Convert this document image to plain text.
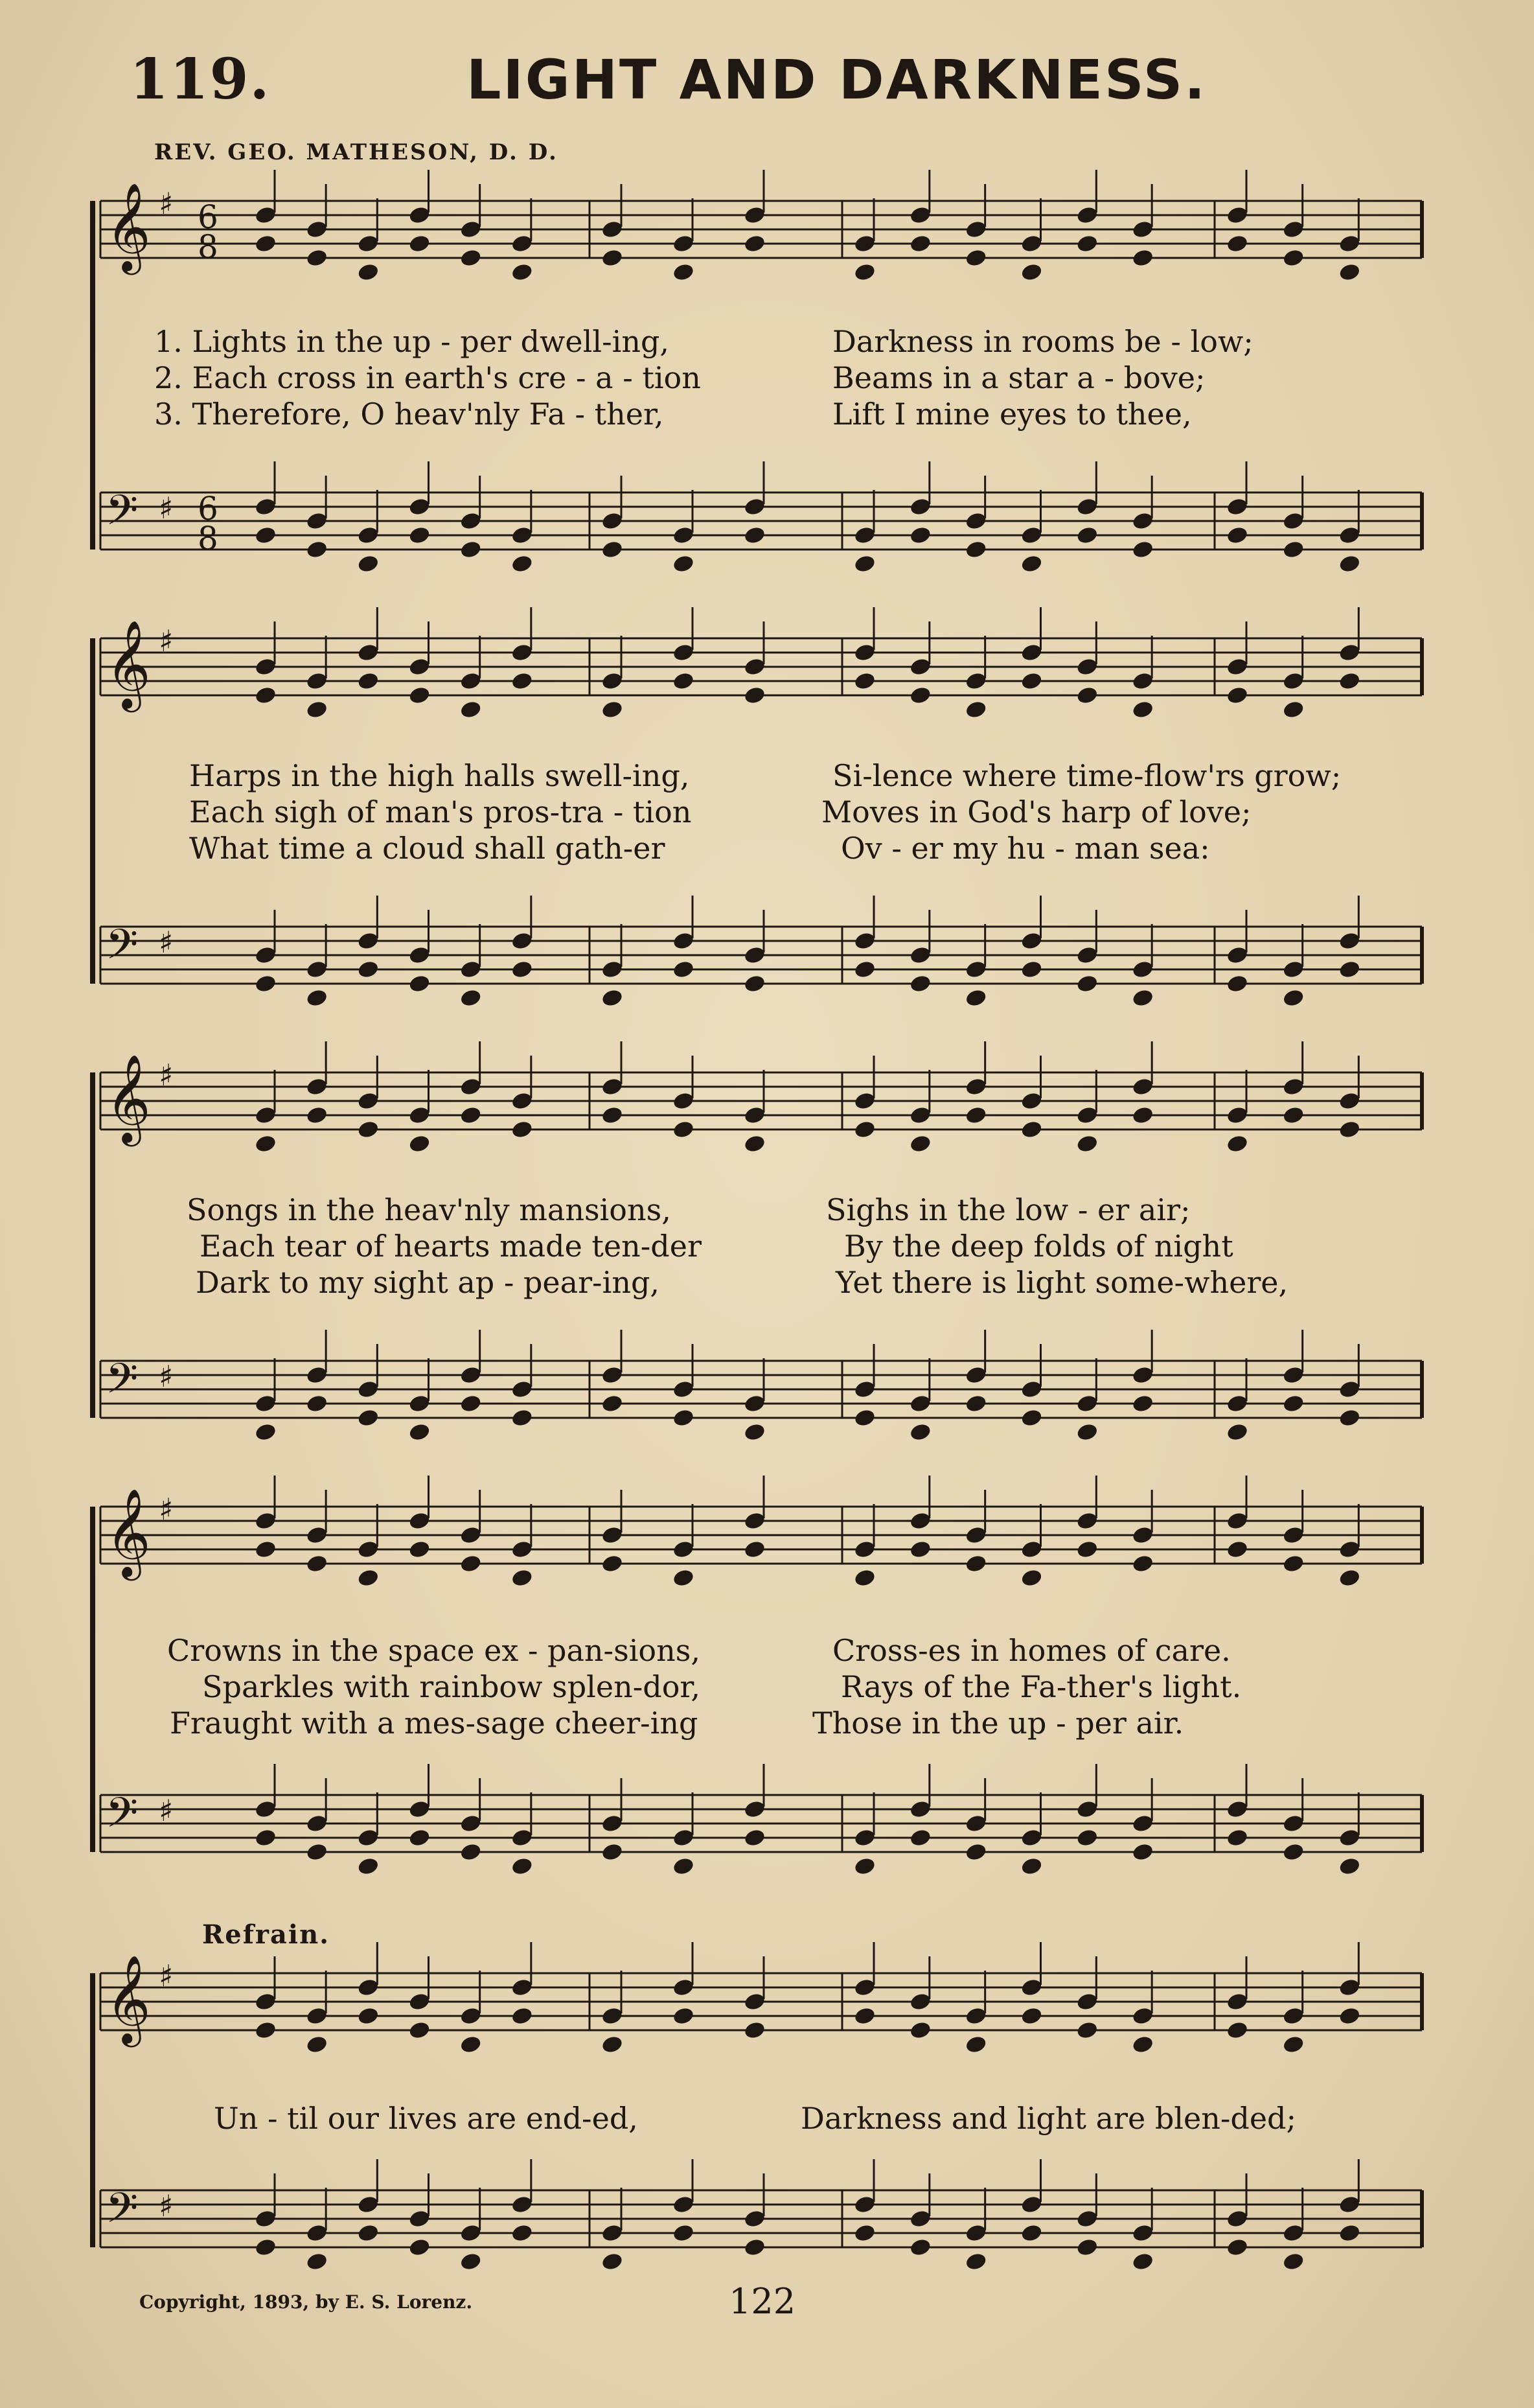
119.	LIGHT AND DARKNESS.
REV. GEO. MATHESON, D. D.
𝄞 ♯ 6
8
𝄢 ♯ 6
8
𝄞 ♯
𝄢 ♯
𝄞 ♯
𝄢 ♯
𝄞 ♯
𝄢 ♯
𝄞 ♯
𝄢 ♯
1. Lights in the up - per dwell-ing,
2. Each cross in earth's cre - a - tion
3. Therefore, O heav'nly Fa - ther,
Darkness in rooms be - low;
Beams in a star a - bove;
Lift I mine eyes to thee,
Harps in the high halls swell-ing,
Each sigh of man's pros-tra - tion
What time a cloud shall gath-er
Si-lence where time-flow'rs grow;
Moves in God's harp of love;
Ov - er my hu - man sea:
Songs in the heav'nly mansions,
Each tear of hearts made ten-der
Dark to my sight ap - pear-ing,
Sighs in the low - er air;
By the deep folds of night
Yet there is light some-where,
Crowns in the space ex - pan-sions,
Sparkles with rainbow splen-dor,
Fraught with a mes-sage cheer-ing
Cross-es in homes of care.
Rays of the Fa-ther's light.
Those in the up - per air.
Refrain.
Un - til our lives are end-ed,	Darkness and light are blen-ded;
Copyright, 1893, by E. S. Lorenz.	122
